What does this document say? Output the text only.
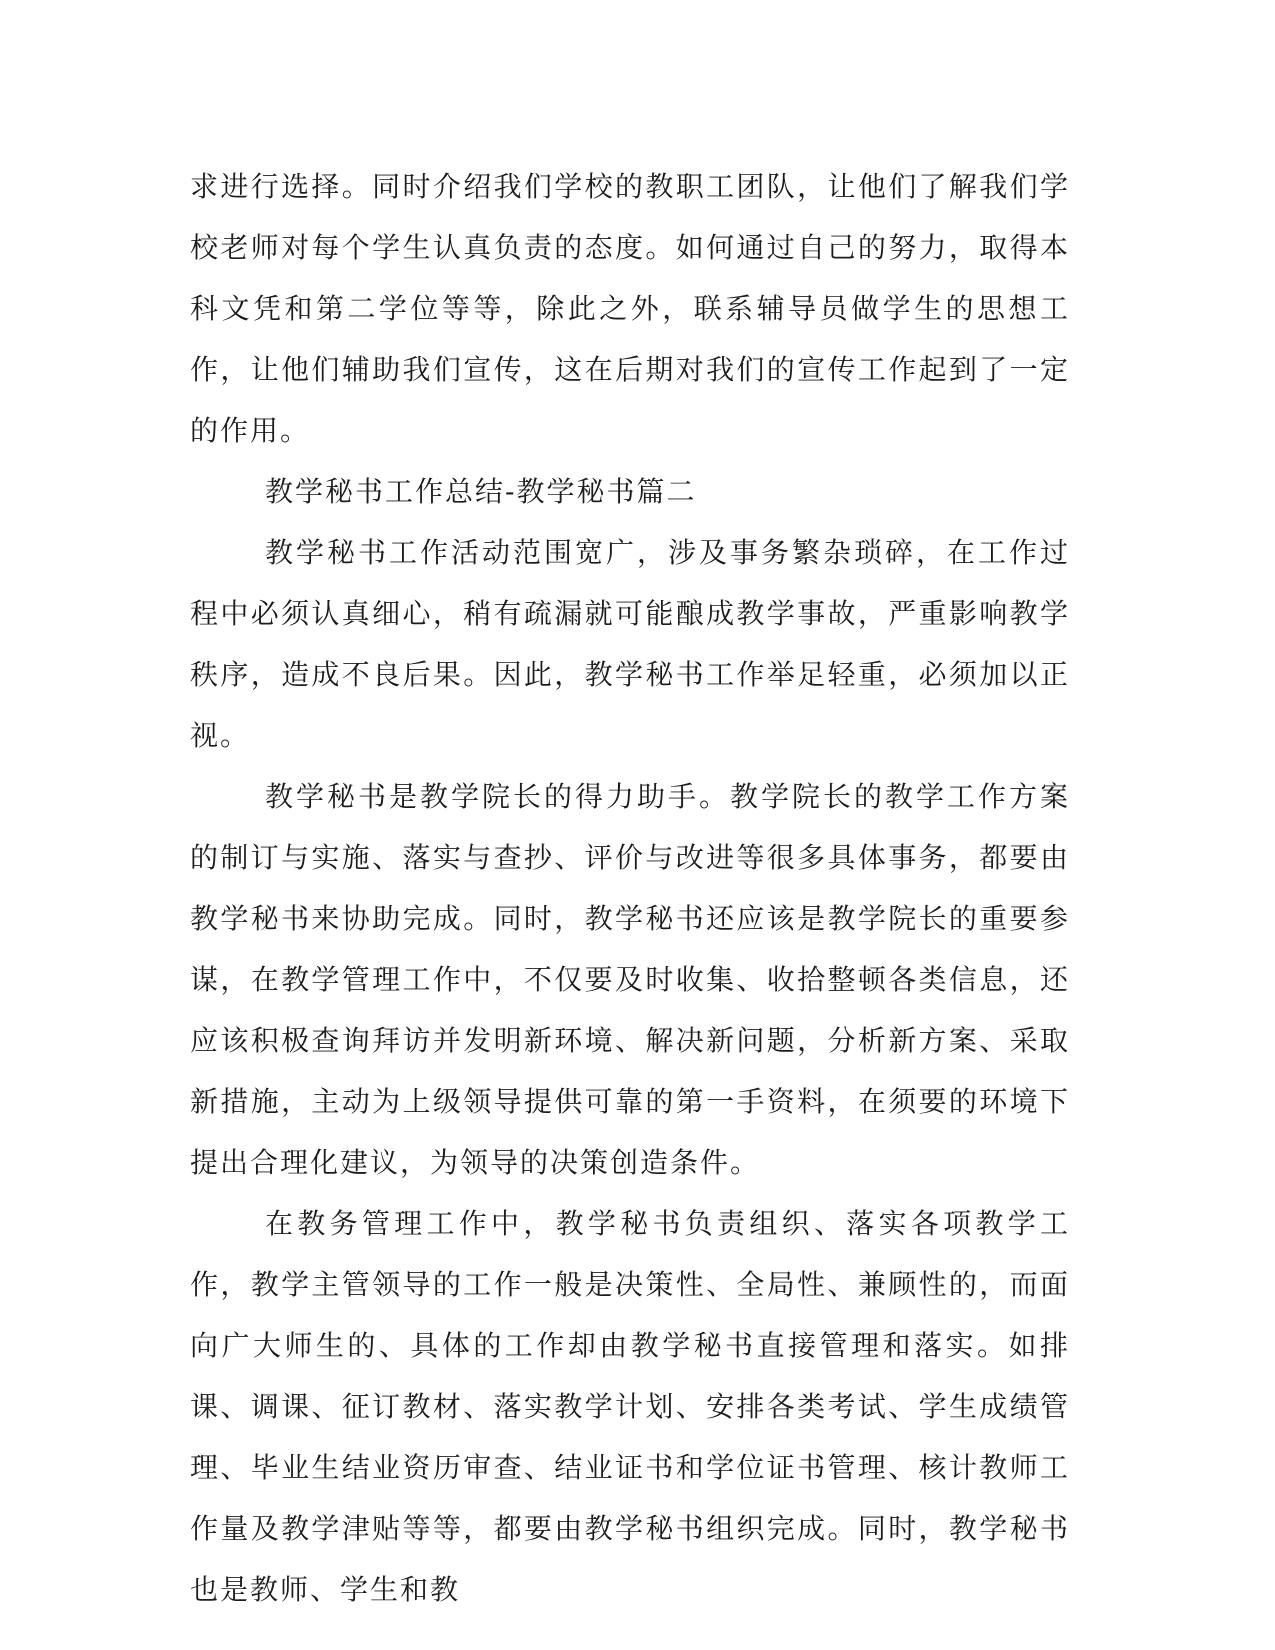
求进行选择。同时介绍我们学校的教职工团队，让他们了解我们学校老师对每个学生认真负责的态度。如何通过自己的努力，取得本科文凭和第二学位等等，除此之外，联系辅导员做学生的思想工作，让他们辅助我们宣传，这在后期对我们的宣传工作起到了一定的作用。

教学秘书工作总结-教学秘书篇二

教学秘书工作活动范围宽广，涉及事务繁杂琐碎，在工作过程中必须认真细心，稍有疏漏就可能酿成教学事故，严重影响教学秩序，造成不良后果。因此，教学秘书工作举足轻重，必须加以正视。

教学秘书是教学院长的得力助手。教学院长的教学工作方案的制订与实施、落实与查抄、评价与改进等很多具体事务，都要由教学秘书来协助完成。同时，教学秘书还应该是教学院长的重要参谋，在教学管理工作中，不仅要及时收集、收拾整顿各类信息，还应该积极查询拜访并发明新环境、解决新问题，分析新方案、采取新措施，主动为上级领导提供可靠的第一手资料，在须要的环境下提出合理化建议，为领导的决策创造条件。

在教务管理工作中，教学秘书负责组织、落实各项教学工作，教学主管领导的工作一般是决策性、全局性、兼顾性的，而面向广大师生的、具体的工作却由教学秘书直接管理和落实。如排课、调课、征订教材、落实教学计划、安排各类考试、学生成绩管理、毕业生结业资历审查、结业证书和学位证书管理、核计教师工作量及教学津贴等等，都要由教学秘书组织完成。同时，教学秘书也是教师、学生和教
